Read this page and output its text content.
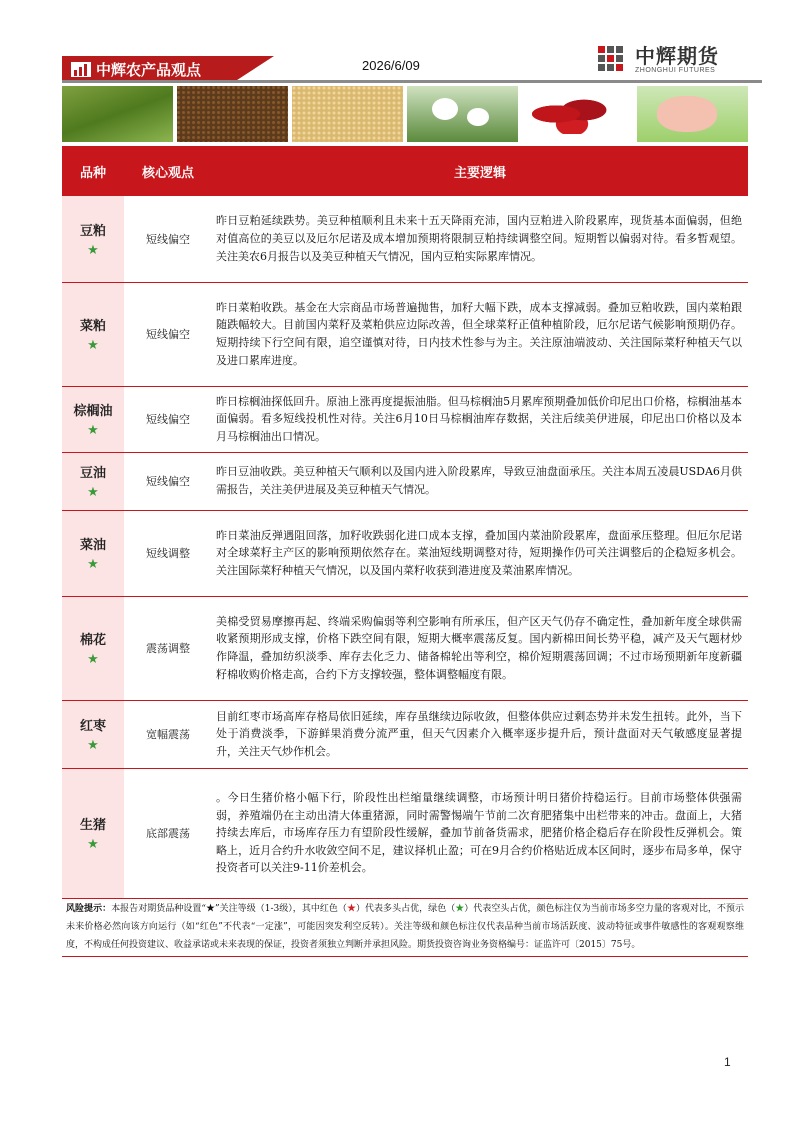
中辉农产品观点	2026/6/09	中辉期货
ZHONGHUI FUTURES
品种	核心观点	主要逻辑

豆粕
★	短线偏空	昨日豆粕延续跌势。美豆种植顺利且未来十五天降雨充沛，国内豆粕进入阶段累库，现货基本面偏弱，但绝对值高位的美豆以及厄尔尼诺及成本增加预期将限制豆粕持续调整空间。短期暂以偏弱对待。看多暂观望。关注美农6月报告以及美豆种植天气情况，国内豆粕实际累库情况。

菜粕
★	短线偏空	昨日菜粕收跌。基金在大宗商品市场普遍抛售，加籽大幅下跌，成本支撑减弱。叠加豆粕收跌，国内菜粕跟随跌幅较大。目前国内菜籽及菜粕供应边际改善，但全球菜籽正值种植阶段，厄尔尼诺气候影响预期仍存。短期持续下行空间有限，追空谨慎对待，日内技术性参与为主。关注原油端波动、关注国际菜籽种植天气以及进口累库进度。

棕榈油
★	短线偏空	昨日棕榈油探低回升。原油上涨再度提振油脂。但马棕榈油5月累库预期叠加低价印尼出口价格，棕榈油基本面偏弱。看多短线投机性对待。关注6月10日马棕榈油库存数据，关注后续美伊进展，印尼出口价格以及本月马棕榈油出口情况。

豆油
★	短线偏空	昨日豆油收跌。美豆种植天气顺利以及国内进入阶段累库，导致豆油盘面承压。关注本周五凌晨USDA6月供需报告，关注美伊进展及美豆种植天气情况。

菜油
★	短线调整	昨日菜油反弹遇阻回落，加籽收跌弱化进口成本支撑，叠加国内菜油阶段累库，盘面承压整理。但厄尔尼诺对全球菜籽主产区的影响预期依然存在。菜油短线期调整对待，短期操作仍可关注调整后的企稳短多机会。关注国际菜籽种植天气情况，以及国内菜籽收获到港进度及菜油累库情况。

棉花
★	震荡调整	美棉受贸易摩擦再起、终端采购偏弱等利空影响有所承压，但产区天气仍存不确定性，叠加新年度全球供需收紧预期形成支撑，价格下跌空间有限，短期大概率震荡反复。国内新棉田间长势平稳，减产及天气题材炒作降温，叠加纺织淡季、库存去化乏力、储备棉轮出等利空，棉价短期震荡回调；不过市场预期新年度新疆籽棉收购价格走高，合约下方支撑较强，整体调整幅度有限。

红枣
★	宽幅震荡	目前红枣市场高库存格局依旧延续，库存虽继续边际收敛，但整体供应过剩态势并未发生扭转。此外，当下处于消费淡季，下游鲜果消费分流严重，但天气因素介入概率逐步提升后，预计盘面对天气敏感度显著提升，关注天气炒作机会。

生猪
★	底部震荡	。今日生猪价格小幅下行，阶段性出栏缩量继续调整，市场预计明日猪价持稳运行。目前市场整体供强需弱，养殖端仍在主动出清大体重猪源，同时需警惕端午节前二次育肥猪集中出栏带来的冲击。盘面上，大猪持续去库后，市场库存压力有望阶段性缓解，叠加节前备货需求，肥猪价格企稳后存在阶段性反弹机会。策略上，近月合约升水收敛空间不足，建议择机止盈；可在9月合约价格贴近成本区间时，逐步布局多单，保守投资者可以关注9-11价差机会。
风险提示：本报告对期货品种设置“★”关注等级（1-3级），其中红色（★）代表多头占优，绿色（★）代表空头占优，颜色标注仅为当前市场多空力量的客观对比，不预示未来价格必然向该方向运行（如“红色”不代表“一定涨”，可能因突发利空反转）。关注等级和颜色标注仅代表品种当前市场活跃度、波动特征或事件敏感性的客观观察维度，不构成任何投资建议、收益承诺或未来表现的保证，投资者须独立判断并承担风险。期货投资咨询业务资格编号：证监许可〔2015〕75号。
1
